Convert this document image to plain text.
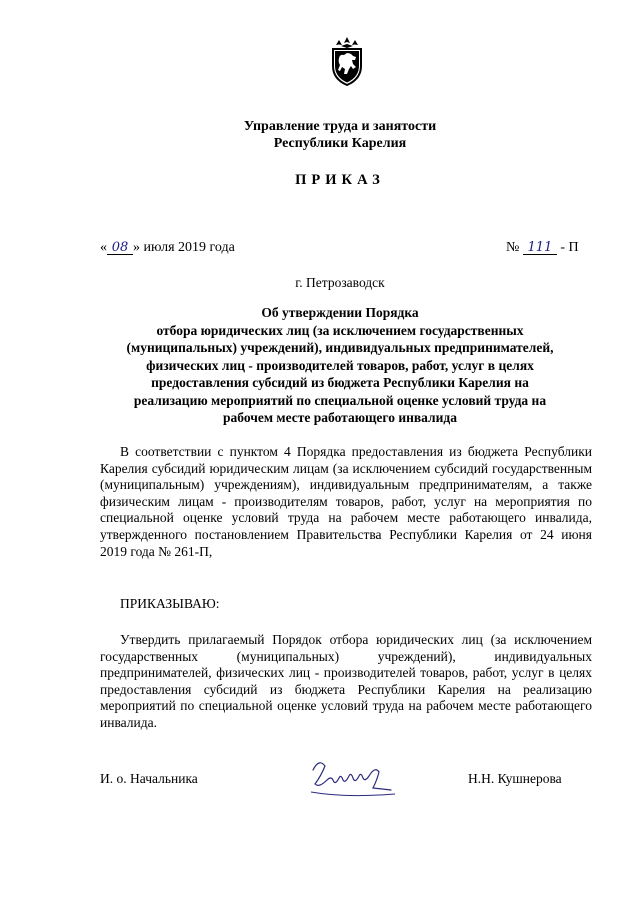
Управление труда и занятости
Республики Карелия
ПРИКАЗ
« 08 » июля 2019 года	№ 111 - П
г. Петрозаводск
Об утверждении Порядка
отбора юридических лиц (за исключением государственных
(муниципальных) учреждений), индивидуальных предпринимателей,
физических лиц - производителей товаров, работ, услуг в целях
предоставления субсидий из бюджета Республики Карелия на
реализацию мероприятий по специальной оценке условий труда на
рабочем месте работающего инвалида

В соответствии с пунктом 4 Порядка предоставления из бюджета Республики Карелия субсидий юридическим лицам (за исключением субсидий государственным (муниципальным) учреждениям), индивидуальным предпринимателям, а также физическим лицам - производителям товаров, работ, услуг на мероприятия по специальной оценке условий труда на рабочем месте работающего инвалида, утвержденного постановлением Правительства Республики Карелия от 24 июня 2019 года № 261-П,

ПРИКАЗЫВАЮ:

Утвердить прилагаемый Порядок отбора юридических лиц (за исключением государственных (муниципальных) учреждений), индивидуальных предпринимателей, физических лиц - производителей товаров, работ, услуг в целях предоставления субсидий из бюджета Республики Карелия на реализацию мероприятий по специальной оценке условий труда на рабочем месте работающего инвалида.

И. о. Начальника	Н.Н. Кушнерова
